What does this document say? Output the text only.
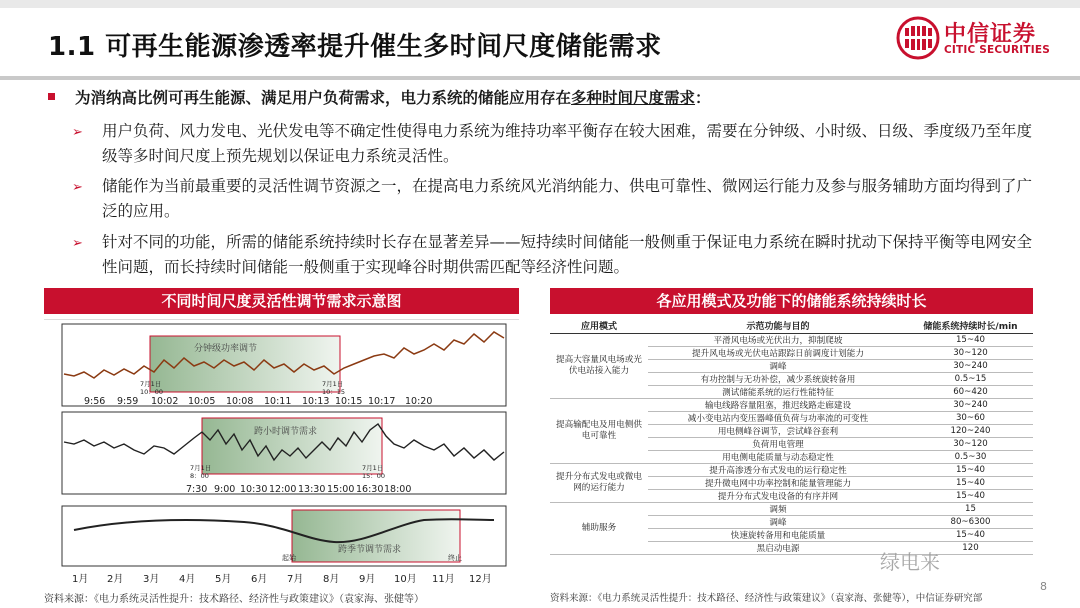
1.1 可再生能源渗透率提升催生多时间尺度储能需求	中信证券
CITIC SECURITIES
为消纳高比例可再生能源、满足用户负荷需求，电力系统的储能应用存在多种时间尺度需求：
➢	用户负荷、风力发电、光伏发电等不确定性使得电力系统为维持功率平衡存在较大困难，需要在分钟级、小时级、日级、季度级乃至年度级等多时间尺度上预先规划以保证电力系统灵活性。
➢	储能作为当前最重要的灵活性调节资源之一，在提高电力系统风光消纳能力、供电可靠性、微网运行能力及参与服务辅助方面均得到了广泛的应用。
➢	针对不同的功能，所需的储能系统持续时长存在显著差异——短持续时间储能一般侧重于保证电力系统在瞬时扰动下保持平衡等电网安全性问题，而长持续时间储能一般侧重于实现峰谷时期供需匹配等经济性问题。
不同时间尺度灵活性调节需求示意图
分钟级功率调节
7月1日
10：00
7月1日
10：15
9:56 9:59 10:02 10:05 10:08 10:11 10:13 10:15 10:17 10:20
跨小时调节需求
7月1日
8：00
7月1日
15：00
7:30 9:00 10:30 12:00 13:30 15:00 16:30 18:00
跨季节调节需求
起始	终止
1月 2月 3月 4月 5月 6月 7月 8月 9月 10月 11月 12月
各应用模式及功能下的储能系统持续时长
应用模式	示范功能与目的	储能系统持续时长/min
提高大容量风电场或光伏电站接入能力	平滑风电场或光伏出力，抑制爬坡	15~40
	提升风电场或光伏电站跟踪日前调度计划能力	30~120
	调峰	30~240
	有功控制与无功补偿，减少系统旋转备用	0.5~15
	测试储能系统的运行性能特征	60~420
提高输配电及用电侧供电可靠性	输电线路容量阻塞，推迟线路走廊建设	30~240
	减小变电站内变压器峰值负荷与功率流的可变性	30~60
	用电侧峰谷调节，尝试峰谷套利	120~240
	负荷用电管理	30~120
	用电侧电能质量与动态稳定性	0.5~30
提升分布式发电或微电网的运行能力	提升高渗透分布式发电的运行稳定性	15~40
	提升微电网中功率控制和能量管理能力	15~40
	提升分布式发电设备的有序并网	15~40
辅助服务	调频	15
	调峰	80~6300
	快速旋转备用和电能质量	15~40
	黑启动电源	120
资料来源：《电力系统灵活性提升：技术路径、经济性与政策建议》（袁家海、张健等）	资料来源：《电力系统灵活性提升：技术路径、经济性与政策建议》（袁家海、张健等），中信证券研究部
绿电来
8
